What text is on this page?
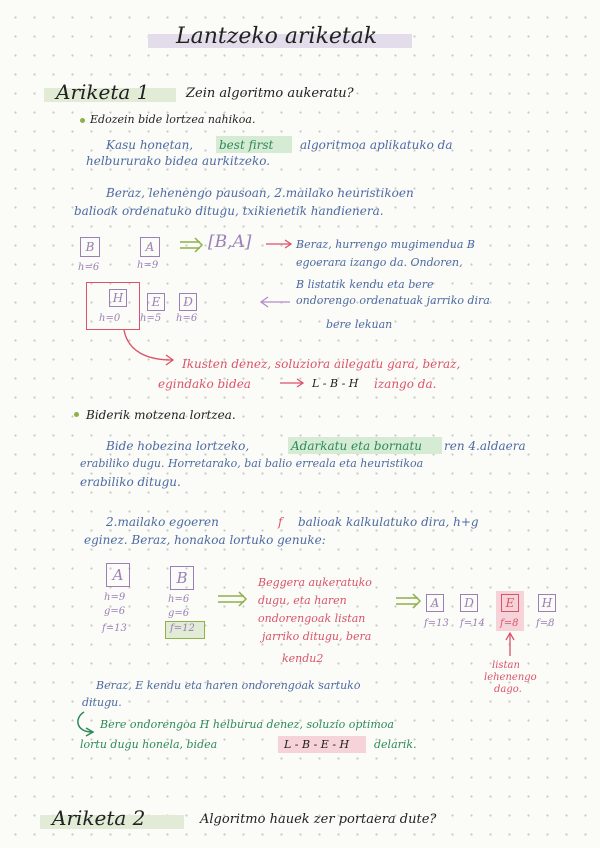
Lantzeko ariketak
Ariketa 1	Zein algoritmo aukeratu?
Edozein bide lortzea nahikoa.
Kasu honetan, best first algoritmoa aplikatuko da
helbururako bidea aurkitzeko.
Beraz, lehenengo pausoan, 2.mailako heuristikoen
balioak ordenatuko ditugu, txikienetik handienera.
B
h=6
A
h=9
[B,A]	Beraz, hurrengo mugimendua B
egoerara izango da. Ondoren,
B listatik kendu eta bere
ondorengo ordenatuak jarriko dira
bere lekuan
H
h=0
E
h=5
D
h=6
Ikusten denez, soluziora ailegatu gara, beraz,
egindako bidea	L - B - H izango da.
Biderik motzena lortzea.
Bide hobezina lortzeko,	Adarkatu eta bornatu ren 4.aldaera
erabiliko dugu. Horretarako, bai balio erreala eta heuristikoa
erabiliko ditugu.
2.mailako egoeren	f balioak kalkulatuko dira, h+g
eginez. Beraz, honakoa lortuko genuke:
A
h=9
g=6
f=13
B
h=6
g=6
f=12
Beggera aukeratuko
dugu, eta haren
ondorengoak listan
jarriko ditugu, bera
kendu2
A
f=13
D
f=14
E
f=8
H
f=8
listan
lehenengo
dago.
Beraz, E kendu eta haren ondorengoak sartuko
ditugu.
Bere ondorengoa H helburua denez, soluzio optimoa
lortu dugu honela, bidea	L - B - E - H delarik.
Ariketa 2	Algoritmo hauek zer portaera dute?
